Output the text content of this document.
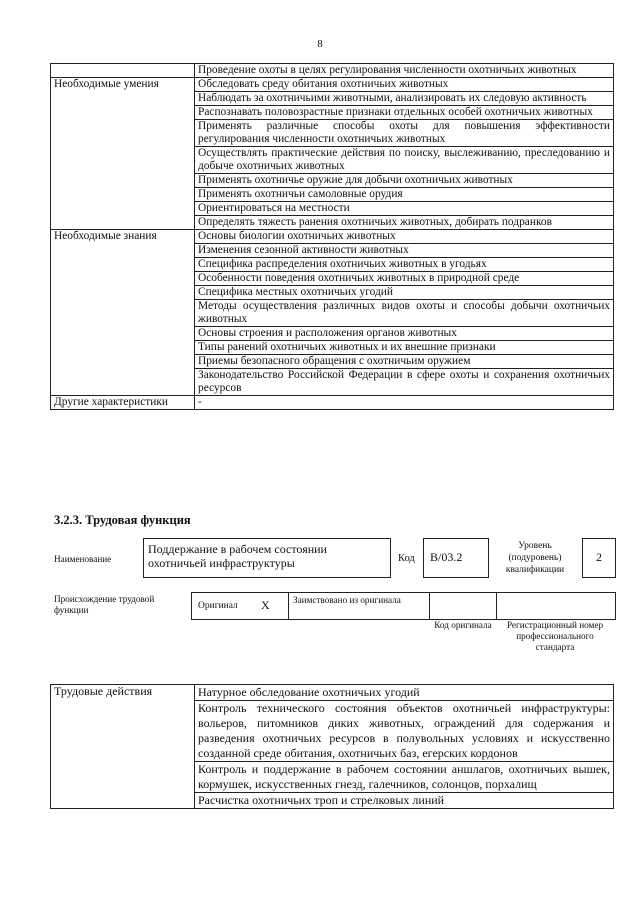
8
	Проведение охоты в целях регулирования численности охотничьих животных
Необходимые умения	Обследовать среду обитания охотничьих животных
	Наблюдать за охотничьими животными, анализировать их следовую активность
	Распознавать половозрастные признаки отдельных особей охотничьих животных
	Применять различные способы охоты для повышения эффективности регулирования численности охотничьих животных
	Осуществлять практические действия по поиску, выслеживанию, преследованию и добыче охотничьих животных
	Применять охотничье оружие для добычи охотничьих животных
	Применять охотничьи самоловные орудия
	Ориентироваться на местности
	Определять тяжесть ранения охотничьих животных, добирать подранков
Необходимые знания	Основы биологии охотничьих животных
	Изменения сезонной активности животных
	Специфика распределения охотничьих животных в угодьях
	Особенности поведения охотничьих животных в природной среде
	Специфика местных охотничьих угодий
	Методы осуществления различных видов охоты и способы добычи охотничьих животных
	Основы строения и расположения органов животных
	Типы ранений охотничьих животных и их внешние признаки
	Приемы безопасного обращения с охотничьим оружием
	Законодательство Российской Федерации в сфере охоты и сохранения охотничьих ресурсов
Другие характеристики	-
3.2.3. Трудовая функция
Наименование
Поддержание в рабочем состоянии охотничьей инфраструктуры	Код	B/03.2
Уровень (подуровень) квалификации
2
Происхождение трудовой функции	Оригинал X	Заимствовано из оригинала
Код оригинала	Регистрационный номер профессионального стандарта
Трудовые действия	Натурное обследование охотничьих угодий
Контроль технического состояния объектов охотничьей инфраструктуры: вольеров, питомников диких животных, ограждений для содержания и разведения охотничьих ресурсов в полувольных условиях и искусственно созданной среде обитания, охотничьих баз, егерских кордонов
Контроль и поддержание в рабочем состоянии аншлагов, охотничьих вышек, кормушек, искусственных гнезд, галечников, солонцов, порхалищ
Расчистка охотничьих троп и стрелковых линий
